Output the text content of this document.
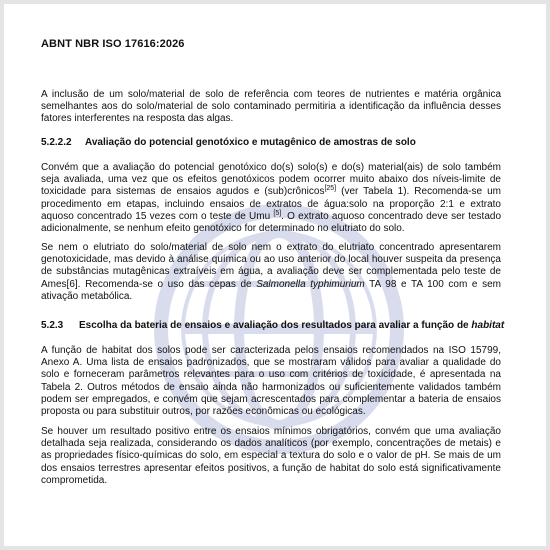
ABNT NBR ISO 17616:2026

A inclusão de um solo/material de solo de referência com teores de nutrientes e matéria orgânica semelhantes aos do solo/material de solo contaminado permitiria a identificação da influência desses fatores interferentes na resposta das algas.

5.2.2.2 Avaliação do potencial genotóxico e mutagênico de amostras de solo

Convém que a avaliação do potencial genotóxico do(s) solo(s) e do(s) material(ais) de solo também seja avaliada, uma vez que os efeitos genotóxicos podem ocorrer muito abaixo dos níveis-limite de toxicidade para sistemas de ensaios agudos e (sub)crônicos[25] (ver Tabela 1). Recomenda-se um procedimento em etapas, incluindo ensaios de extratos de água:solo na proporção 2:1 e extrato aquoso concentrado 15 vezes com o teste de Umu [5]. O extrato aquoso concentrado deve ser testado adicionalmente, se nenhum efeito genotóxico for determinado no elutriato do solo.

Se nem o elutriato do solo/material de solo nem o extrato do elutriato concentrado apresentarem genotoxicidade, mas devido à análise química ou ao uso anterior do local houver suspeita da presença de substâncias mutagênicas extraíveis em água, a avaliação deve ser complementada pelo teste de Ames[6]. Recomenda-se o uso das cepas de Salmonella typhimurium TA 98 e TA 100 com e sem ativação metabólica.

5.2.3 Escolha da bateria de ensaios e avaliação dos resultados para avaliar a função de habitat

A função de habitat dos solos pode ser caracterizada pelos ensaios recomendados na ISO 15799, Anexo A. Uma lista de ensaios padronizados, que se mostraram válidos para avaliar a qualidade do solo e forneceram parâmetros relevantes para o uso com critérios de toxicidade, é apresentada na Tabela 2. Outros métodos de ensaio ainda não harmonizados ou suficientemente validados também podem ser empregados, e convém que sejam acrescentados para complementar a bateria de ensaios proposta ou para substituir outros, por razões econômicas ou ecológicas.

Se houver um resultado positivo entre os ensaios mínimos obrigatórios, convém que uma avaliação detalhada seja realizada, considerando os dados analíticos (por exemplo, concentrações de metais) e as propriedades físico-químicas do solo, em especial a textura do solo e o valor de pH. Se mais de um dos ensaios terrestres apresentar efeitos positivos, a função de habitat do solo está significativamente comprometida.
